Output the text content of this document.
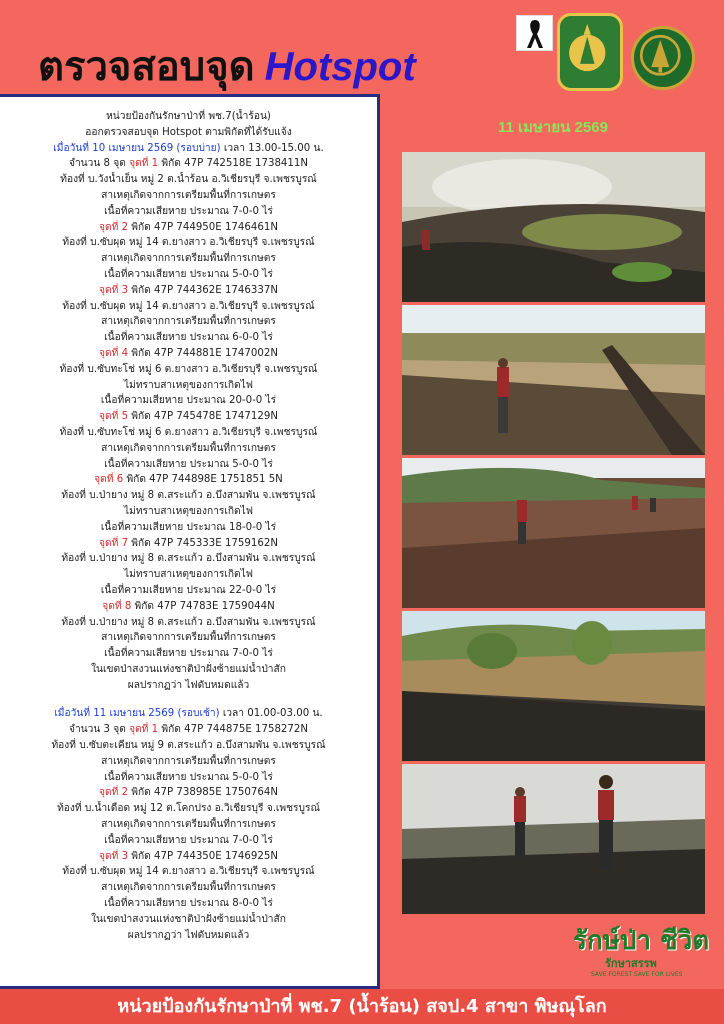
ตรวจสอบจุด Hotspot
11 เมษายน 2569
หน่วยป้องกันรักษาป่าที่ พช.7(น้ำร้อน)
ออกตรวจสอบจุด Hotspot ตามพิกัดที่ได้รับแจ้ง
เมื่อวันที่ 10 เมษายน 2569 (รอบบ่าย) เวลา 13.00-15.00 น.
จำนวน 8 จุด จุดที่ 1 พิกัด 47P 742518E 1738411N
ท้องที่ บ.วังน้ำเย็น หมู่ 2 ต.น้ำร้อน อ.วิเชียรบุรี จ.เพชรบูรณ์
สาเหตุเกิดจากการเตรียมพื้นที่การเกษตร
เนื้อที่ความเสียหาย ประมาณ 7-0-0 ไร่
จุดที่ 2 พิกัด 47P 744950E 1746461N
ท้องที่ บ.ซับผุด หมู่ 14 ต.ยางสาว อ.วิเชียรบุรี จ.เพชรบูรณ์
สาเหตุเกิดจากการเตรียมพื้นที่การเกษตร
เนื้อที่ความเสียหาย ประมาณ 5-0-0 ไร่
จุดที่ 3 พิกัด 47P 744362E 1746337N
ท้องที่ บ.ซับผุด หมู่ 14 ต.ยางสาว อ.วิเชียรบุรี จ.เพชรบูรณ์
สาเหตุเกิดจากการเตรียมพื้นที่การเกษตร
เนื้อที่ความเสียหาย ประมาณ 6-0-0 ไร่
จุดที่ 4 พิกัด 47P 744881E 1747002N
ท้องที่ บ.ซับทะโช่ หมู่ 6 ต.ยางสาว อ.วิเชียรบุรี จ.เพชรบูรณ์
ไม่ทราบสาเหตุของการเกิดไฟ
เนื้อที่ความเสียหาย ประมาณ 20-0-0 ไร่
จุดที่ 5 พิกัด 47P 745478E 1747129N
ท้องที่ บ.ซับทะโช่ หมู่ 6 ต.ยางสาว อ.วิเชียรบุรี จ.เพชรบูรณ์
สาเหตุเกิดจากการเตรียมพื้นที่การเกษตร
เนื้อที่ความเสียหาย ประมาณ 5-0-0 ไร่
จุดที่ 6 พิกัด 47P 744898E 1751851 5N
ท้องที่ บ.ป่ายาง หมู่ 8 ต.สระแก้ว อ.บึงสามพัน จ.เพชรบูรณ์
ไม่ทราบสาเหตุของการเกิดไฟ
เนื้อที่ความเสียหาย ประมาณ 18-0-0 ไร่
จุดที่ 7 พิกัด 47P 745333E 1759162N
ท้องที่ บ.ป่ายาง หมู่ 8 ต.สระแก้ว อ.บึงสามพัน จ.เพชรบูรณ์
ไม่ทราบสาเหตุของการเกิดไฟ
เนื้อที่ความเสียหาย ประมาณ 22-0-0 ไร่
จุดที่ 8 พิกัด 47P 74783E 1759044N
ท้องที่ บ.ป่ายาง หมู่ 8 ต.สระแก้ว อ.บึงสามพัน จ.เพชรบูรณ์
สาเหตุเกิดจากการเตรียมพื้นที่การเกษตร
เนื้อที่ความเสียหาย ประมาณ 7-0-0 ไร่
ในเขตป่าสงวนแห่งชาติป่าฝั่งซ้ายแม่น้ำป่าสัก
ผลปรากฏว่า ไฟดับหมดแล้ว
เมื่อวันที่ 11 เมษายน 2569 (รอบเช้า) เวลา 01.00-03.00 น.
จำนวน 3 จุด จุดที่ 1 พิกัด 47P 744875E 1758272N
ท้องที่ บ.ซับตะเคียน หมู่ 9 ต.สระแก้ว อ.บึงสามพัน จ.เพชรบูรณ์
สาเหตุเกิดจากการเตรียมพื้นที่การเกษตร
เนื้อที่ความเสียหาย ประมาณ 5-0-0 ไร่
จุดที่ 2 พิกัด 47P 738985E 1750764N
ท้องที่ บ.น้ำเดือด หมู่ 12 ต.โคกปรง อ.วิเชียรบุรี จ.เพชรบูรณ์
สาเหตุเกิดจากการเตรียมพื้นที่การเกษตร
เนื้อที่ความเสียหาย ประมาณ 7-0-0 ไร่
จุดที่ 3 พิกัด 47P 744350E 1746925N
ท้องที่ บ.ซับผุด หมู่ 14 ต.ยางสาว อ.วิเชียรบุรี จ.เพชรบูรณ์
สาเหตุเกิดจากการเตรียมพื้นที่การเกษตร
เนื้อที่ความเสียหาย ประมาณ 8-0-0 ไร่
ในเขตป่าสงวนแห่งชาติป่าฝั่งซ้ายแม่น้ำป่าสัก
ผลปรากฏว่า ไฟดับหมดแล้ว	รักษ์ป่า ชีวิต
รักษาสรรพ
SAVE FOREST SAVE FOR LIVES
หน่วยป้องกันรักษาป่าที่ พช.7 (น้ำร้อน) สจป.4 สาขา พิษณุโลก
